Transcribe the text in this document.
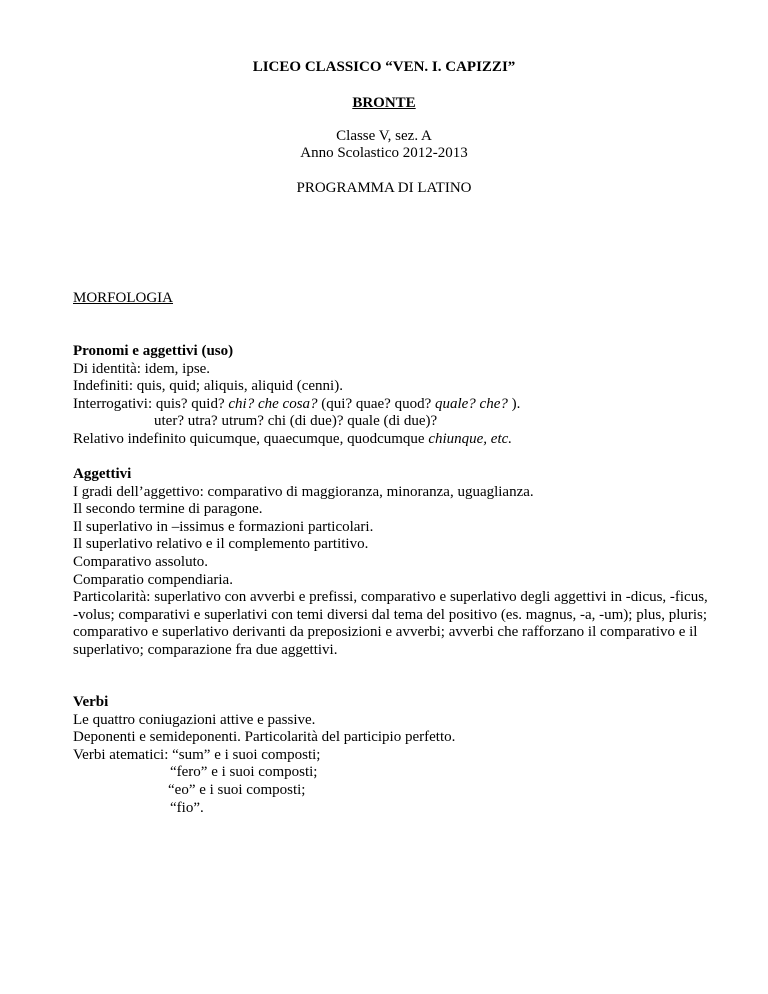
LICEO CLASSICO “VEN. I. CAPIZZI”
BRONTE
Classe V, sez. A
Anno Scolastico 2012-2013
PROGRAMMA DI LATINO
MORFOLOGIA
Pronomi e aggettivi (uso)
Di identità: idem, ipse.
Indefiniti: quis, quid; aliquis, aliquid (cenni).
Interrogativi: quis? quid? chi? che cosa? (qui? quae? quod? quale? che? ).
uter? utra? utrum? chi (di due)? quale (di due)?
Relativo indefinito quicumque, quaecumque, quodcumque chiunque, etc.
Aggettivi
I gradi dell’aggettivo: comparativo di maggioranza, minoranza, uguaglianza.
Il secondo termine di paragone.
Il superlativo in –issimus e formazioni particolari.
Il superlativo relativo e il complemento partitivo.
Comparativo assoluto.
Comparatio compendiaria.
Particolarità: superlativo con avverbi e prefissi, comparativo e superlativo degli aggettivi in -dicus, -ficus, -volus; comparativi e superlativi con temi diversi dal tema del positivo (es. magnus, -a, -um); plus, pluris; comparativo e superlativo derivanti da preposizioni e avverbi; avverbi che rafforzano il comparativo e il superlativo; comparazione fra due aggettivi.
Verbi
Le quattro coniugazioni attive e passive.
Deponenti e semideponenti. Particolarità del participio perfetto.
Verbi atematici: “sum” e i suoi composti;
“fero” e i suoi composti;
“eo” e i suoi composti;
“fio”.
